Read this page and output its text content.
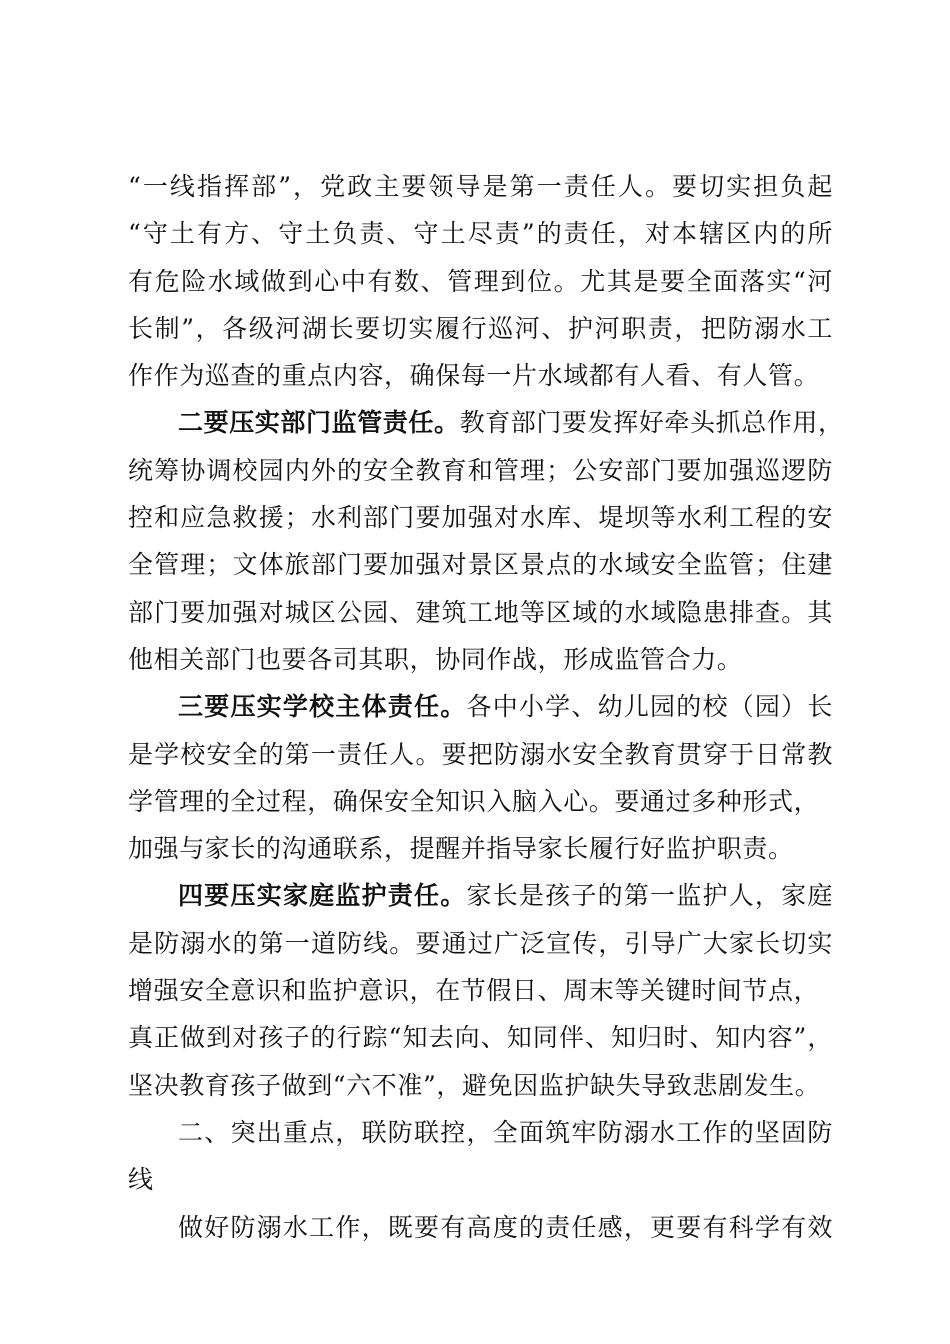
“一线指挥部”，党政主要领导是第一责任人。要切实担负起
“守土有方、守土负责、守土尽责”的责任，对本辖区内的所
有危险水域做到心中有数、管理到位。尤其是要全面落实“河
长制”，各级河湖长要切实履行巡河、护河职责，把防溺水工
作作为巡查的重点内容，确保每一片水域都有人看、有人管。
二要压实部门监管责任。教育部门要发挥好牵头抓总作用，
统筹协调校园内外的安全教育和管理；公安部门要加强巡逻防
控和应急救援；水利部门要加强对水库、堤坝等水利工程的安
全管理；文体旅部门要加强对景区景点的水域安全监管；住建
部门要加强对城区公园、建筑工地等区域的水域隐患排查。其
他相关部门也要各司其职，协同作战，形成监管合力。
三要压实学校主体责任。各中小学、幼儿园的校（园）长
是学校安全的第一责任人。要把防溺水安全教育贯穿于日常教
学管理的全过程，确保安全知识入脑入心。要通过多种形式，
加强与家长的沟通联系，提醒并指导家长履行好监护职责。
四要压实家庭监护责任。家长是孩子的第一监护人，家庭
是防溺水的第一道防线。要通过广泛宣传，引导广大家长切实
增强安全意识和监护意识，在节假日、周末等关键时间节点，
真正做到对孩子的行踪“知去向、知同伴、知归时、知内容”，
坚决教育孩子做到“六不准”，避免因监护缺失导致悲剧发生。
二、突出重点，联防联控，全面筑牢防溺水工作的坚固防
线
做好防溺水工作，既要有高度的责任感，更要有科学有效
